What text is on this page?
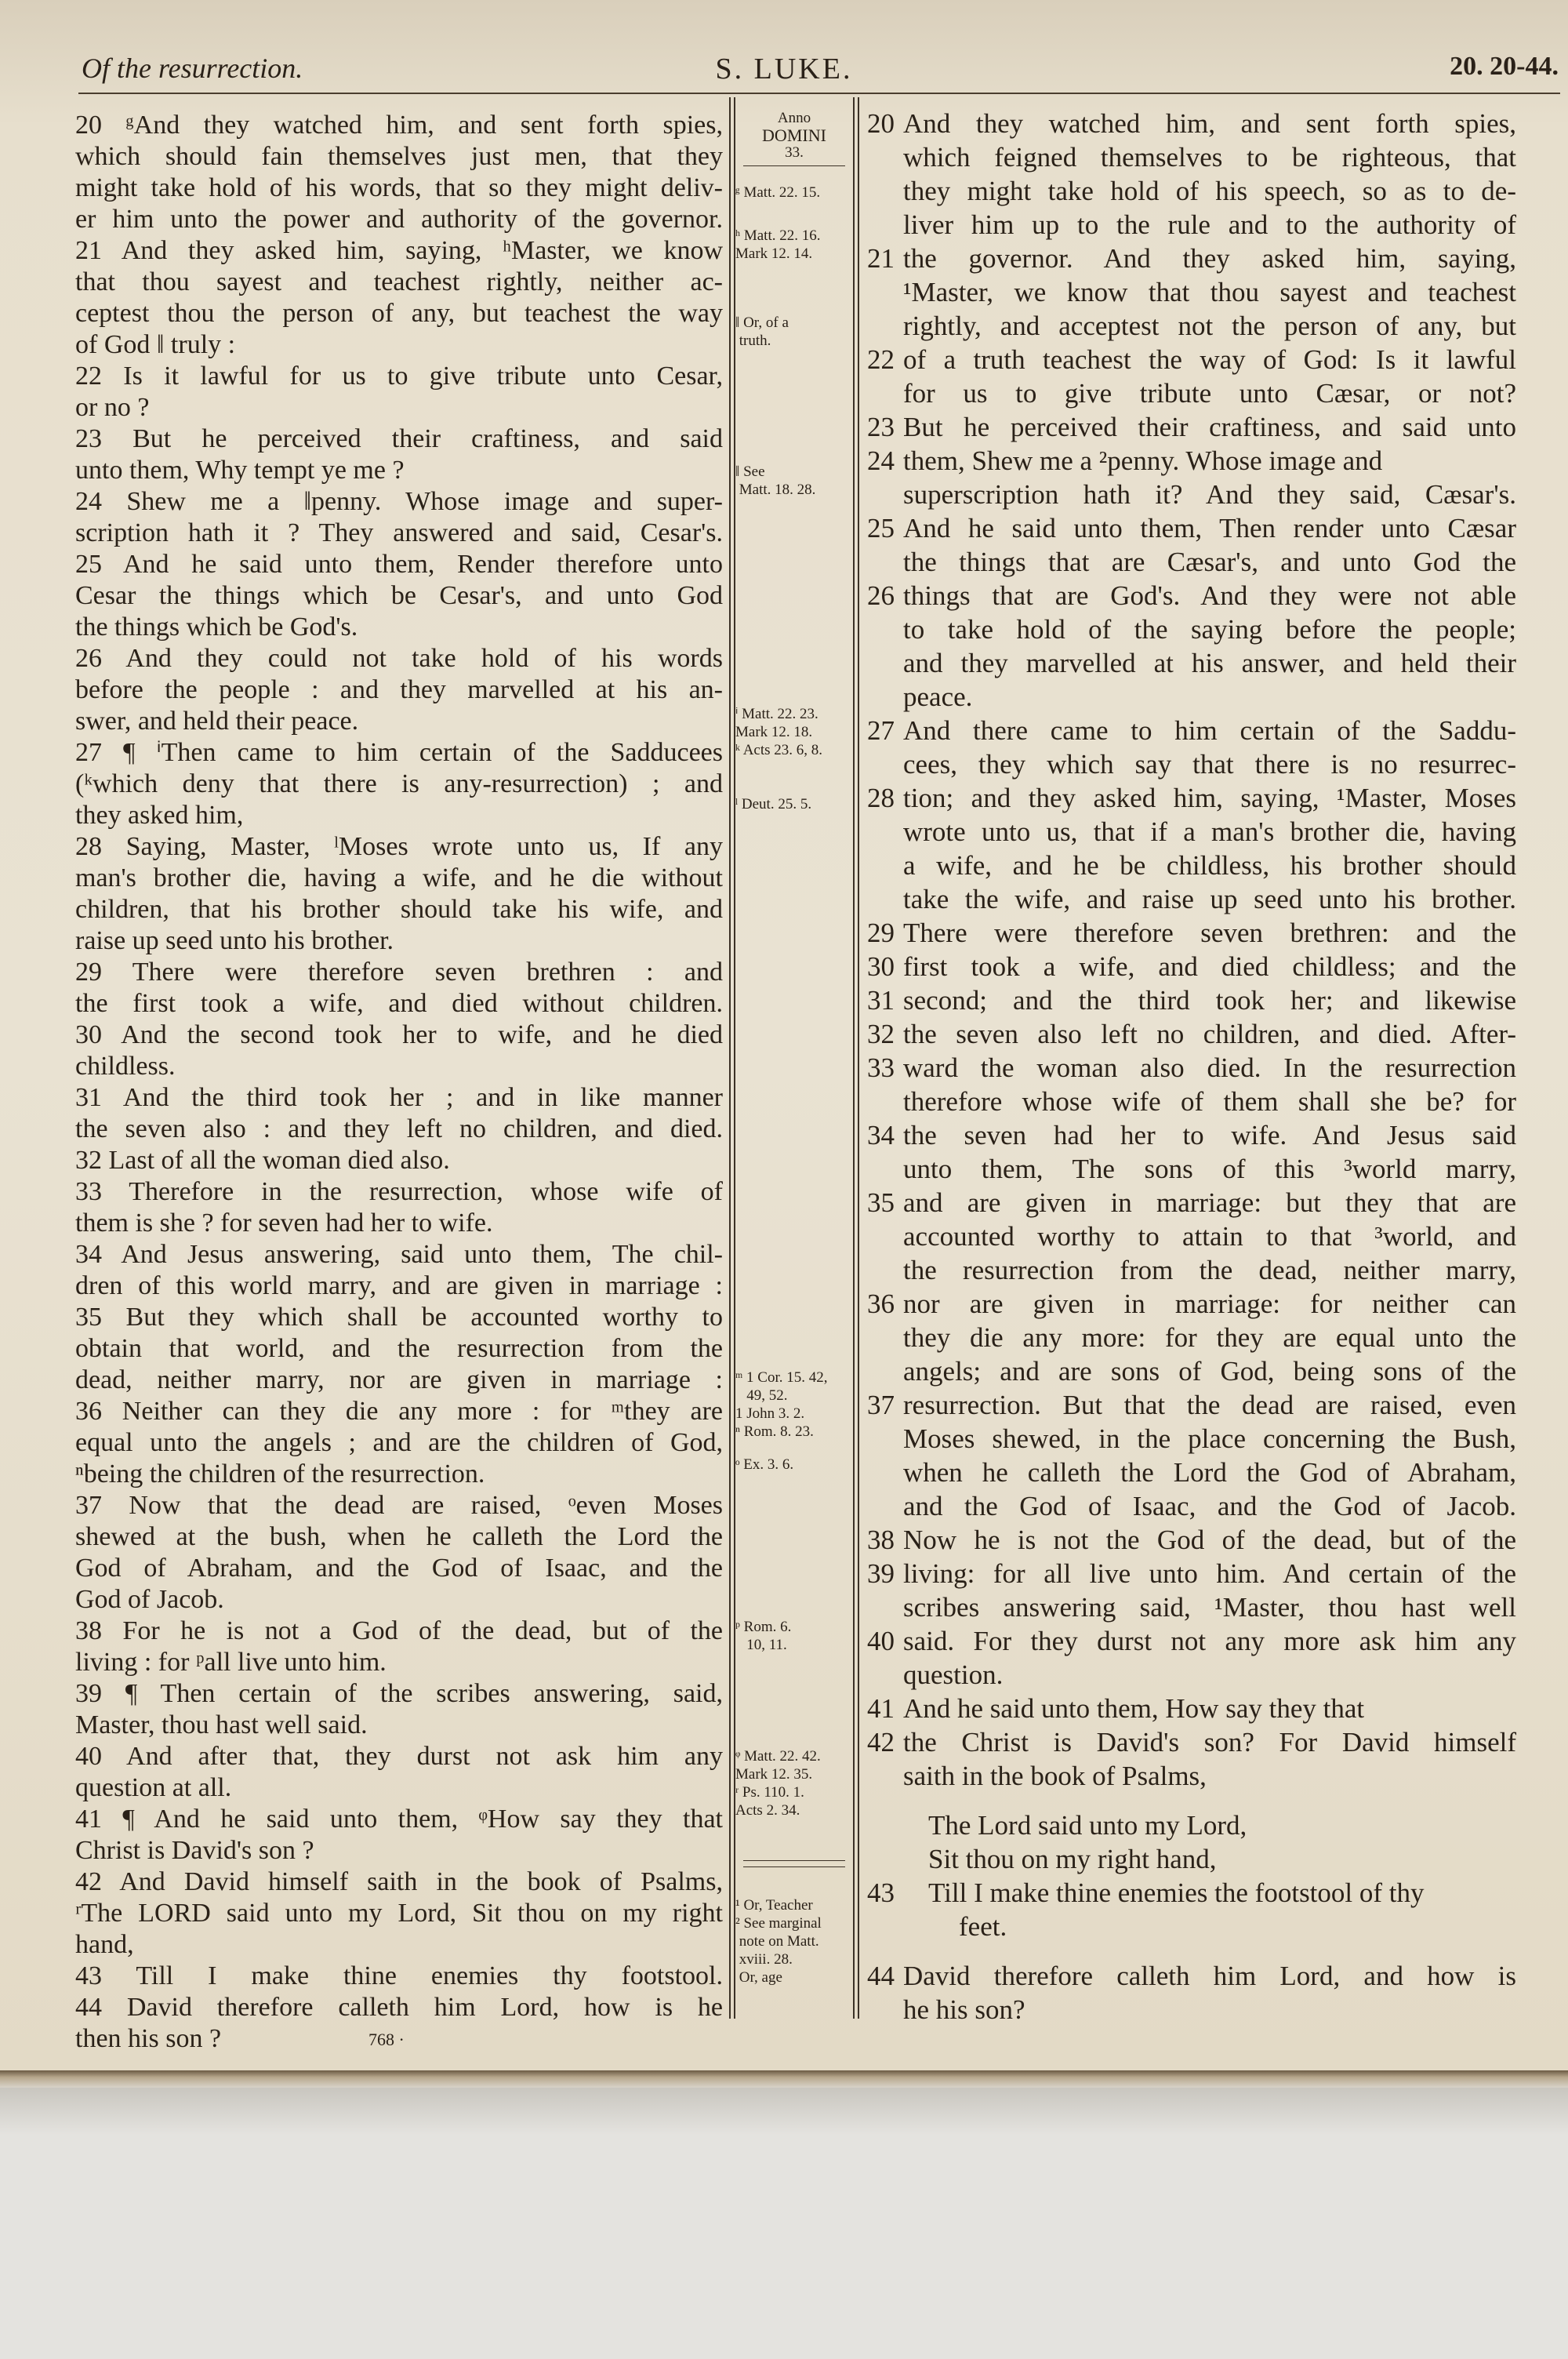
Of the resurrection.	S. LUKE.	20. 20-44.
20 ᵍAnd they watched him, and sent forth spies,
which should fain themselves just men, that they
might take hold of his words, that so they might deliv-
er him unto the power and authority of the governor.
21 And they asked him, saying, ʰMaster, we know
that thou sayest and teachest rightly, neither ac-
ceptest thou the person of any, but teachest the way
of God ‖ truly :
22 Is it lawful for us to give tribute unto Cesar,
or no ?
23 But he perceived their craftiness, and said
unto them, Why tempt ye me ?
24 Shew me a ‖penny. Whose image and super-
scription hath it ? They answered and said, Cesar's.
25 And he said unto them, Render therefore unto
Cesar the things which be Cesar's, and unto God
the things which be God's.
26 And they could not take hold of his words
before the people : and they marvelled at his an-
swer, and held their peace.
27 ¶ ⁱThen came to him certain of the Sadducees
(ᵏwhich deny that there is any-resurrection) ; and
they asked him,
28 Saying, Master, ˡMoses wrote unto us, If any
man's brother die, having a wife, and he die without
children, that his brother should take his wife, and
raise up seed unto his brother.
29 There were therefore seven brethren : and
the first took a wife, and died without children.
30 And the second took her to wife, and he died
childless.
31 And the third took her ; and in like manner
the seven also : and they left no children, and died.
32 Last of all the woman died also.
33 Therefore in the resurrection, whose wife of
them is she ? for seven had her to wife.
34 And Jesus answering, said unto them, The chil-
dren of this world marry, and are given in marriage :
35 But they which shall be accounted worthy to
obtain that world, and the resurrection from the
dead, neither marry, nor are given in marriage :
36 Neither can they die any more : for ᵐthey are
equal unto the angels ; and are the children of God,
ⁿbeing the children of the resurrection.
37 Now that the dead are raised, ᵒeven Moses
shewed at the bush, when he calleth the Lord the
God of Abraham, and the God of Isaac, and the
God of Jacob.
38 For he is not a God of the dead, but of the
living : for ᵖall live unto him.
39 ¶ Then certain of the scribes answering, said,
Master, thou hast well said.
40 And after that, they durst not ask him any
question at all.
41 ¶ And he said unto them, ᵠHow say they that
Christ is David's son ?
42 And David himself saith in the book of Psalms,
ʳThe LORD said unto my Lord, Sit thou on my right
hand,
43 Till I make thine enemies thy footstool.
44 David therefore calleth him Lord, how is he
then his son ?
20 And they watched him, and sent forth spies,
which feigned themselves to be righteous, that
they might take hold of his speech, so as to de-
liver him up to the rule and to the authority of
21 the governor. And they asked him, saying,
¹Master, we know that thou sayest and teachest
rightly, and acceptest not the person of any, but
22 of a truth teachest the way of God: Is it lawful
for us to give tribute unto Cæsar, or not?
23 But he perceived their craftiness, and said unto
24 them, Shew me a ²penny. Whose image and
superscription hath it? And they said, Cæsar's.
25 And he said unto them, Then render unto Cæsar
the things that are Cæsar's, and unto God the
26 things that are God's. And they were not able
to take hold of the saying before the people;
and they marvelled at his answer, and held their
peace.
27 And there came to him certain of the Saddu-
cees, they which say that there is no resurrec-
28 tion; and they asked him, saying, ¹Master, Moses
wrote unto us, that if a man's brother die, having
a wife, and he be childless, his brother should
take the wife, and raise up seed unto his brother.
29 There were therefore seven brethren: and the
30 first took a wife, and died childless; and the
31 second; and the third took her; and likewise
32 the seven also left no children, and died. After-
33 ward the woman also died. In the resurrection
therefore whose wife of them shall she be? for
34 the seven had her to wife. And Jesus said
unto them, The sons of this ³world marry,
35 and are given in marriage: but they that are
accounted worthy to attain to that ³world, and
the resurrection from the dead, neither marry,
36 nor are given in marriage: for neither can
they die any more: for they are equal unto the
angels; and are sons of God, being sons of the
37 resurrection. But that the dead are raised, even
Moses shewed, in the place concerning the Bush,
when he calleth the Lord the God of Abraham,
and the God of Isaac, and the God of Jacob.
38 Now he is not the God of the dead, but of the
39 living: for all live unto him. And certain of the
scribes answering said, ¹Master, thou hast well
40 said. For they durst not any more ask him any
question.
41 And he said unto them, How say they that
42 the Christ is David's son? For David himself
saith in the book of Psalms,
The Lord said unto my Lord,
Sit thou on my right hand,
43 Till I make thine enemies the footstool of thy
feet.
44 David therefore calleth him Lord, and how is
he his son?
Anno
DOMINI
33.
ᵍ Matt. 22. 15.
ʰ Matt. 22. 16.
Mark 12. 14.
‖ Or, of a
truth.
‖ See
Matt. 18. 28.
ⁱ Matt. 22. 23.
Mark 12. 18.
ᵏ Acts 23. 6, 8.
ˡ Deut. 25. 5.
ᵐ 1 Cor. 15. 42,
49, 52.
1 John 3. 2.
ⁿ Rom. 8. 23.
ᵒ Ex. 3. 6.
ᵖ Rom. 6.
10, 11.
ᵠ Matt. 22. 42.
Mark 12. 35.
ʳ Ps. 110. 1.
Acts 2. 34.
¹ Or, Teacher
² See marginal
note on Matt.
xviii. 28.
Or, age
768 ·
